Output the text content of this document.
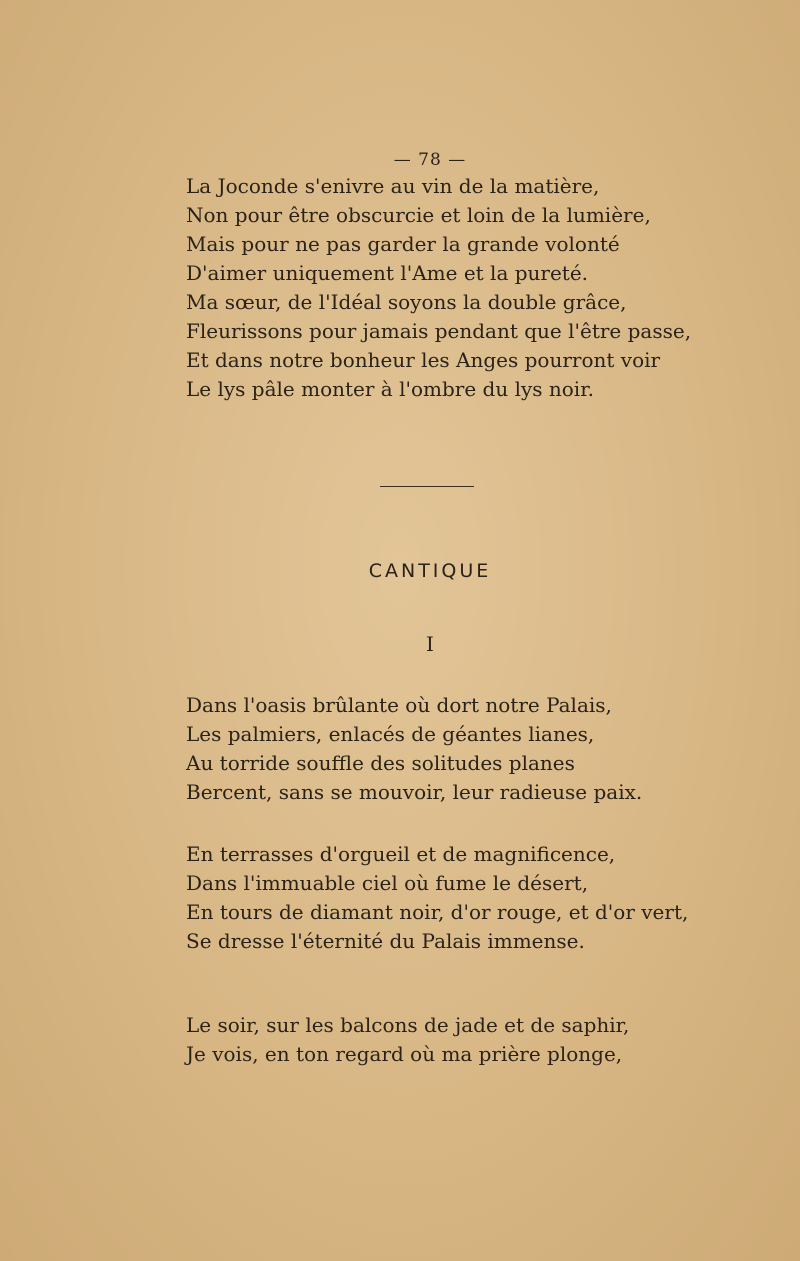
— 78 —
La Joconde s'enivre au vin de la matière,
Non pour être obscurcie et loin de la lumière,
Mais pour ne pas garder la grande volonté
D'aimer uniquement l'Ame et la pureté.
Ma sœur, de l'Idéal soyons la double grâce,
Fleurissons pour jamais pendant que l'être passe,
Et dans notre bonheur les Anges pourront voir
Le lys pâle monter à l'ombre du lys noir.
CANTIQUE
I
Dans l'oasis brûlante où dort notre Palais,
Les palmiers, enlacés de géantes lianes,
Au torride souffle des solitudes planes
Bercent, sans se mouvoir, leur radieuse paix.
En terrasses d'orgueil et de magnificence,
Dans l'immuable ciel où fume le désert,
En tours de diamant noir, d'or rouge, et d'or vert,
Se dresse l'éternité du Palais immense.
Le soir, sur les balcons de jade et de saphir,
Je vois, en ton regard où ma prière plonge,
